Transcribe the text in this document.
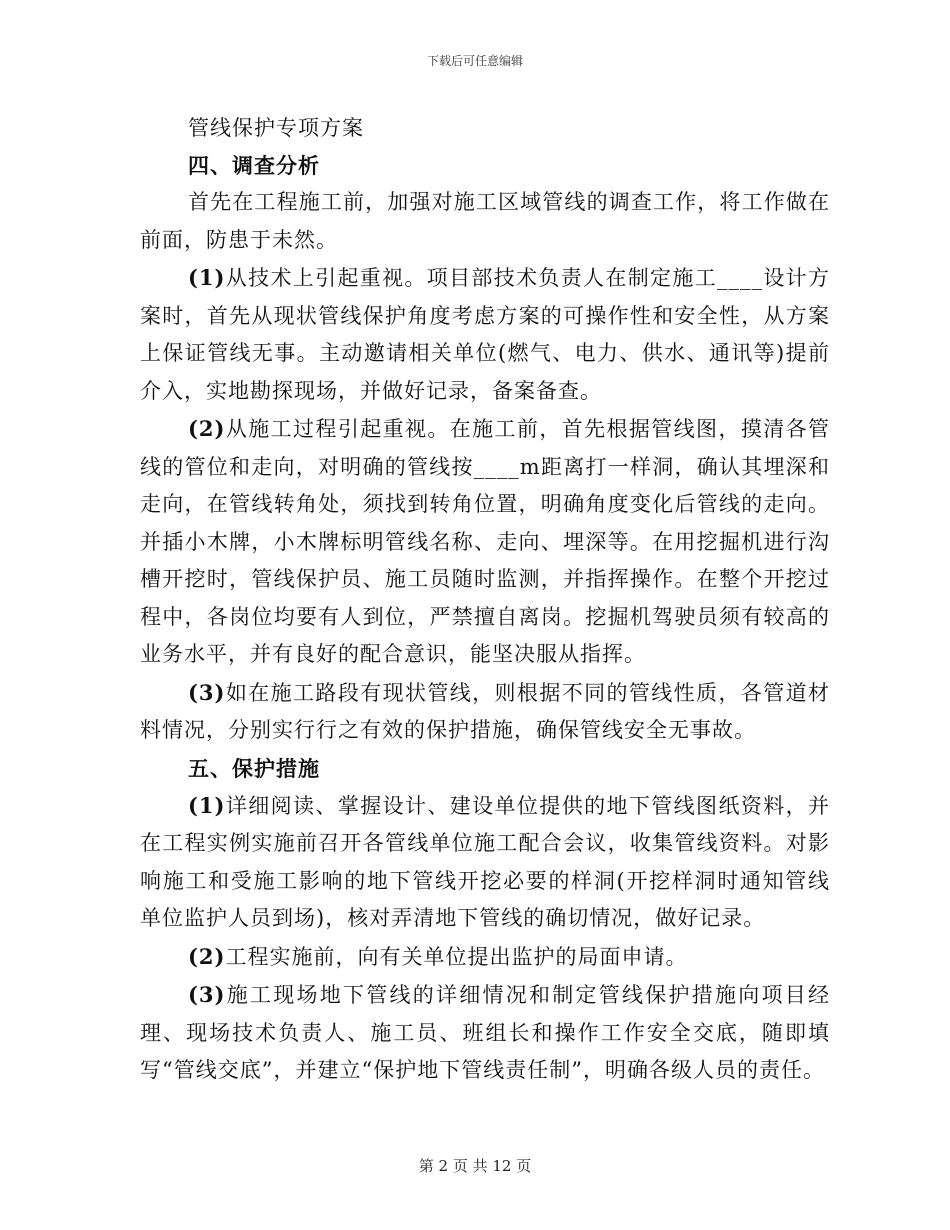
下载后可任意编辑
管线保护专项方案
四、调查分析
首先在工程施工前，加强对施工区域管线的调查工作，将工作做在前面，防患于未然。
(1)从技术上引起重视。项目部技术负责人在制定施工____设计方案时，首先从现状管线保护角度考虑方案的可操作性和安全性，从方案上保证管线无事。主动邀请相关单位(燃气、电力、供水、通讯等)提前介入，实地勘探现场，并做好记录，备案备查。
(2)从施工过程引起重视。在施工前，首先根据管线图，摸清各管线的管位和走向，对明确的管线按____m距离打一样洞，确认其埋深和走向，在管线转角处，须找到转角位置，明确角度变化后管线的走向。并插小木牌，小木牌标明管线名称、走向、埋深等。在用挖掘机进行沟槽开挖时，管线保护员、施工员随时监测，并指挥操作。在整个开挖过程中，各岗位均要有人到位，严禁擅自离岗。挖掘机驾驶员须有较高的业务水平，并有良好的配合意识，能坚决服从指挥。
(3)如在施工路段有现状管线，则根据不同的管线性质，各管道材料情况，分别实行行之有效的保护措施，确保管线安全无事故。
五、保护措施
(1)详细阅读、掌握设计、建设单位提供的地下管线图纸资料，并在工程实例实施前召开各管线单位施工配合会议，收集管线资料。对影响施工和受施工影响的地下管线开挖必要的样洞(开挖样洞时通知管线单位监护人员到场)，核对弄清地下管线的确切情况，做好记录。
(2)工程实施前，向有关单位提出监护的局面申请。
(3)施工现场地下管线的详细情况和制定管线保护措施向项目经理、现场技术负责人、施工员、班组长和操作工作安全交底，随即填写“管线交底”，并建立“保护地下管线责任制”，明确各级人员的责任。
第 2 页 共 12 页
